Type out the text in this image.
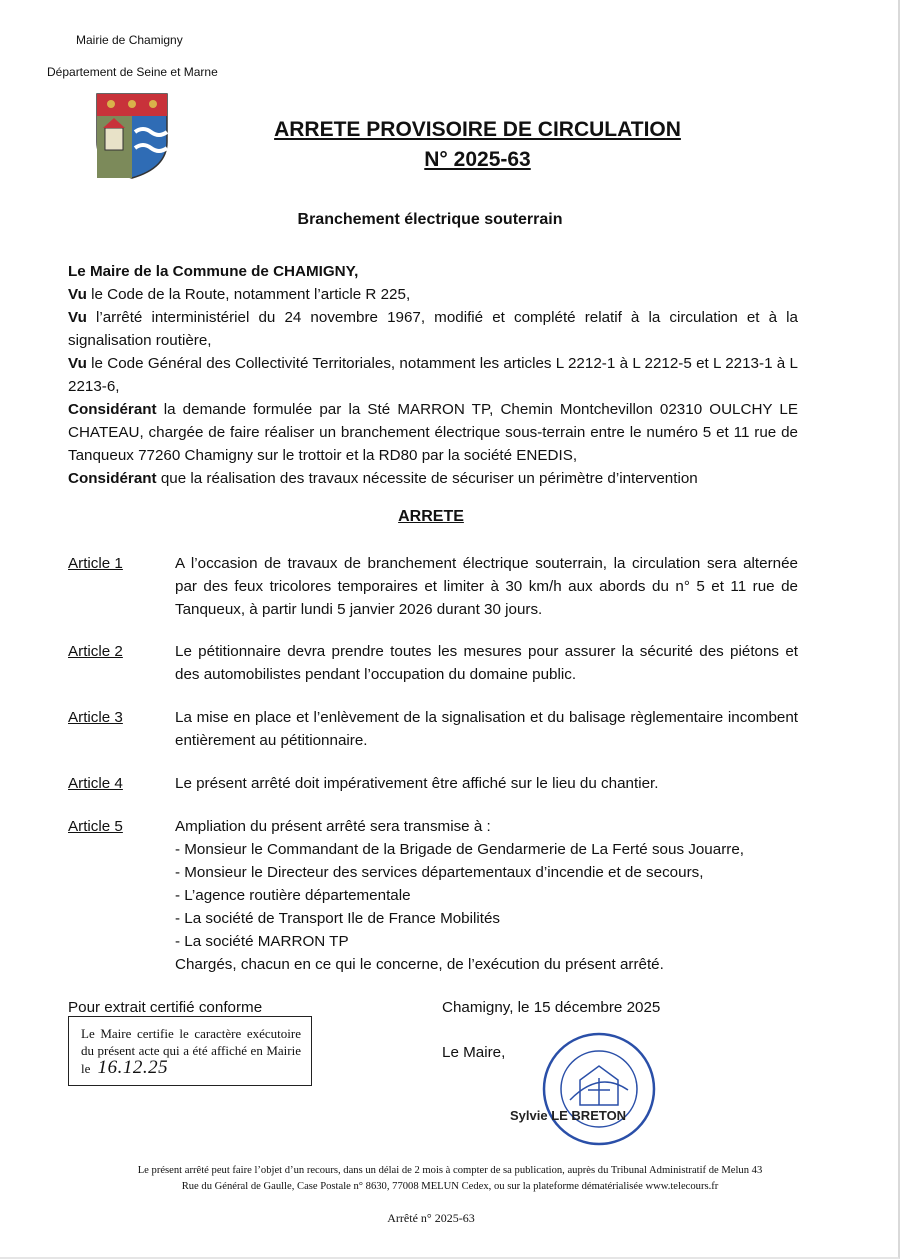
Mairie de Chamigny
Département de Seine et Marne
ARRETE PROVISOIRE DE CIRCULATION
N° 2025-63
Branchement électrique souterrain

Le Maire de la Commune de CHAMIGNY,

Vu le Code de la Route, notamment l’article R 225,

Vu l’arrêté interministériel du 24 novembre 1967, modifié et complété relatif à la circulation et à la signalisation routière,

Vu le Code Général des Collectivité Territoriales, notamment les articles L 2212-1 à L 2212-5 et L 2213-1 à L 2213-6,

Considérant la demande formulée par la Sté MARRON TP, Chemin Montchevillon 02310 OULCHY LE CHATEAU, chargée de faire réaliser un branchement électrique sous-terrain entre le numéro 5 et 11 rue de Tanqueux 77260 Chamigny sur le trottoir et la RD80 par la société ENEDIS,

Considérant que la réalisation des travaux nécessite de sécuriser un périmètre d’intervention

ARRETE
Article 1	A l’occasion de travaux de branchement électrique souterrain, la circulation sera alternée par des feux tricolores temporaires et limiter à 30 km/h aux abords du n° 5 et 11 rue de Tanqueux, à partir lundi 5 janvier 2026 durant 30 jours.
Article 2	Le pétitionnaire devra prendre toutes les mesures pour assurer la sécurité des piétons et des automobilistes pendant l’occupation du domaine public.
Article 3	La mise en place et l’enlèvement de la signalisation et du balisage règlementaire incombent entièrement au pétitionnaire.
Article 4	Le présent arrêté doit impérativement être affiché sur le lieu du chantier.
Article 5	Ampliation du présent arrêté sera transmise à :
- Monsieur le Commandant de la Brigade de Gendarmerie de La Ferté sous Jouarre,
- Monsieur le Directeur des services départementaux d’incendie et de secours,
- L’agence routière départementale
- La société de Transport Ile de France Mobilités
- La société MARRON TP
Chargés, chacun en ce qui le concerne, de l’exécution du présent arrêté.
Pour extrait certifié conforme
Le Maire certifie le caractère exécutoire du présent acte qui a été affiché en Mairie le 16.12.25
Chamigny, le 15 décembre 2025
Le Maire,
Sylvie LE BRETON
Le présent arrêté peut faire l’objet d’un recours, dans un délai de 2 mois à compter de sa publication, auprès du Tribunal Administratif de Melun 43
Rue du Général de Gaulle, Case Postale n° 8630, 77008 MELUN Cedex, ou sur la plateforme dématérialisée www.telecours.fr
Arrêté n° 2025-63
